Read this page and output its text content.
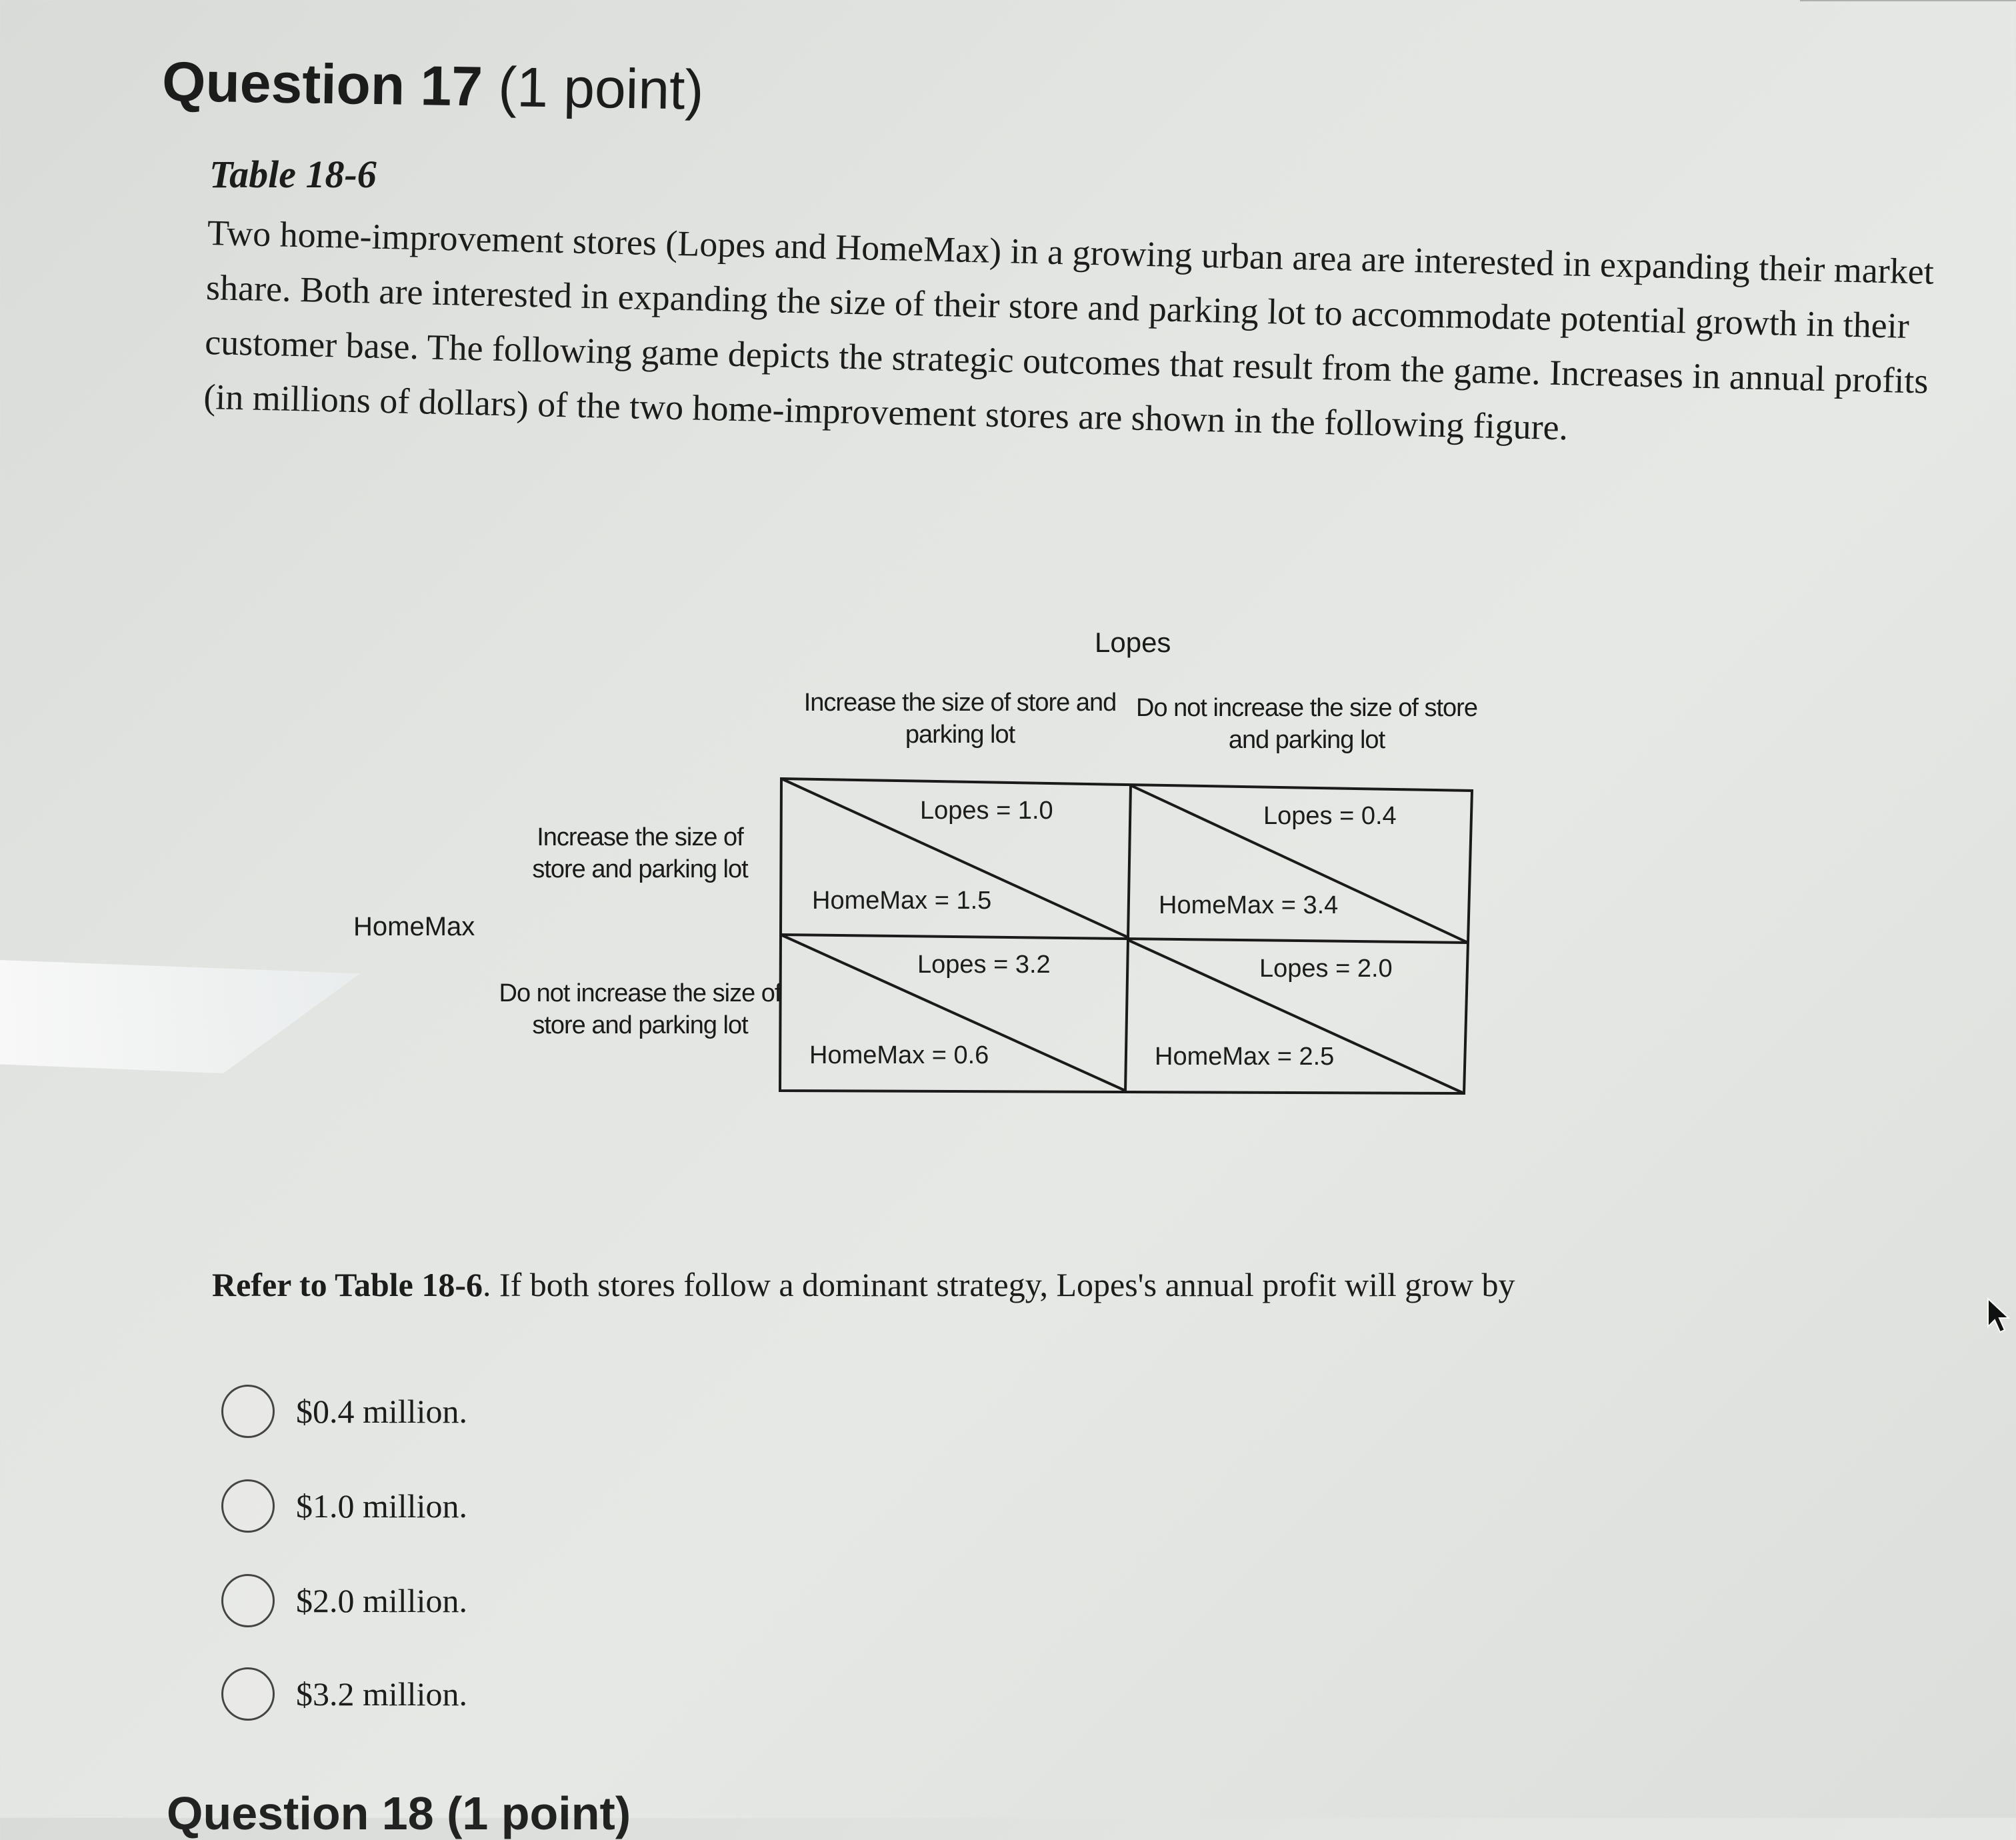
Question 17 (1 point)
Table 18-6
Two home-improvement stores (Lopes and HomeMax) in a growing urban area are interested in expanding their market share. Both are interested in expanding the size of their store and parking lot to accommodate potential growth in their customer base. The following game depicts the strategic outcomes that result from the game. Increases in annual profits (in millions of dollars) of the two home-improvement stores are shown in the following figure.
Lopes
Increase the size of store and parking lot
Do not increase the size of store and parking lot
HomeMax
Increase the size of store and parking lot
Do not increase the size of store and parking lot
Lopes = 1.0
HomeMax = 1.5
Lopes = 0.4
HomeMax = 3.4
Lopes = 3.2
HomeMax = 0.6
Lopes = 2.0
HomeMax = 2.5
Refer to Table 18-6. If both stores follow a dominant strategy, Lopes's annual profit will grow by
$0.4 million.
$1.0 million.
$2.0 million.
$3.2 million.
Question 18 (1 point)
